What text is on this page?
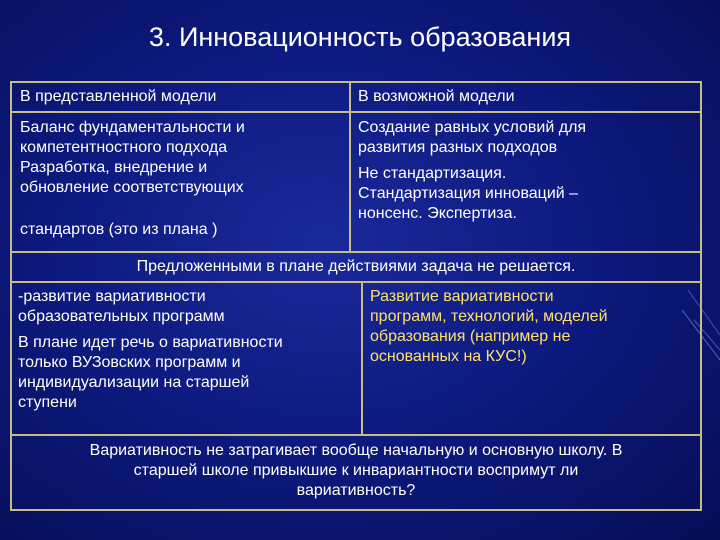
3. Инновационность образования
В представленной модели	В возможной модели

Баланс фундаментальности и

компетентностного подхода

Разработка, внедрение и

обновление соответствующих

стандартов (это из плана )

Создание равных условий для

развития разных подходов

Не стандартизация.

Стандартизация инноваций –

нонсенс. Экспертиза.

Предложенными в плане действиями задача не решается.

-развитие вариативности

образовательных программ

В плане идет речь о вариативности

только ВУЗовских программ и

индивидуализации на старшей

ступени

Развитие вариативности

программ, технологий, моделей

образования (например не

основанных на КУС!)

Вариативность не затрагивает вообще начальную и основную школу. В

старшей школе привыкшие к инвариантности воспримут ли

вариативность?
